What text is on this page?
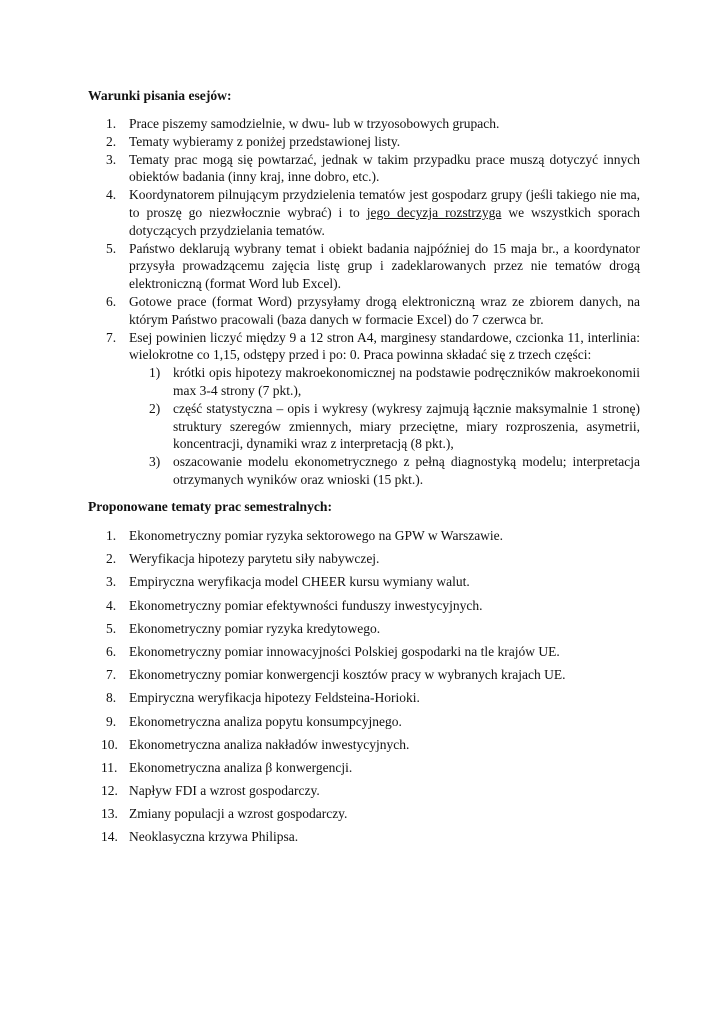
Warunki pisania esejów:
1. Prace piszemy samodzielnie, w dwu- lub w trzyosobowych grupach.
2. Tematy wybieramy z poniżej przedstawionej listy.
3. Tematy prac mogą się powtarzać, jednak w takim przypadku prace muszą dotyczyć innych obiektów badania (inny kraj, inne dobro, etc.).
4. Koordynatorem pilnującym przydzielenia tematów jest gospodarz grupy (jeśli takiego nie ma, to proszę go niezwłocznie wybrać) i to jego decyzja rozstrzyga we wszystkich sporach dotyczących przydzielania tematów.
5. Państwo deklarują wybrany temat i obiekt badania najpóźniej do 15 maja br., a koordynator przysyła prowadzącemu zajęcia listę grup i zadeklarowanych przez nie tematów drogą elektroniczną (format Word lub Excel).
6. Gotowe prace (format Word) przysyłamy drogą elektroniczną wraz ze zbiorem danych, na którym Państwo pracowali (baza danych w formacie Excel) do 7 czerwca br.
7. Esej powinien liczyć między 9 a 12 stron A4, marginesy standardowe, czcionka 11, interlinia: wielokrotne co 1,15, odstępy przed i po: 0. Praca powinna składać się z trzech części:
1) krótki opis hipotezy makroekonomicznej na podstawie podręczników makroekonomii max 3-4 strony (7 pkt.),
2) część statystyczna – opis i wykresy (wykresy zajmują łącznie maksymalnie 1 stronę) struktury szeregów zmiennych, miary przeciętne, miary rozproszenia, asymetrii, koncentracji, dynamiki wraz z interpretacją (8 pkt.),
3) oszacowanie modelu ekonometrycznego z pełną diagnostyką modelu; interpretacja otrzymanych wyników oraz wnioski (15 pkt.).
Proponowane tematy prac semestralnych:
1. Ekonometryczny pomiar ryzyka sektorowego na GPW w Warszawie.
2. Weryfikacja hipotezy parytetu siły nabywczej.
3. Empiryczna weryfikacja model CHEER kursu wymiany walut.
4. Ekonometryczny pomiar efektywności funduszy inwestycyjnych.
5. Ekonometryczny pomiar ryzyka kredytowego.
6. Ekonometryczny pomiar innowacyjności Polskiej gospodarki na tle krajów UE.
7. Ekonometryczny pomiar konwergencji kosztów pracy w wybranych krajach UE.
8. Empiryczna weryfikacja hipotezy Feldsteina-Horioki.
9. Ekonometryczna analiza popytu konsumpcyjnego.
10. Ekonometryczna analiza nakładów inwestycyjnych.
11. Ekonometryczna analiza β konwergencji.
12. Napływ FDI a wzrost gospodarczy.
13. Zmiany populacji a wzrost gospodarczy.
14. Neoklasyczna krzywa Philipsa.
